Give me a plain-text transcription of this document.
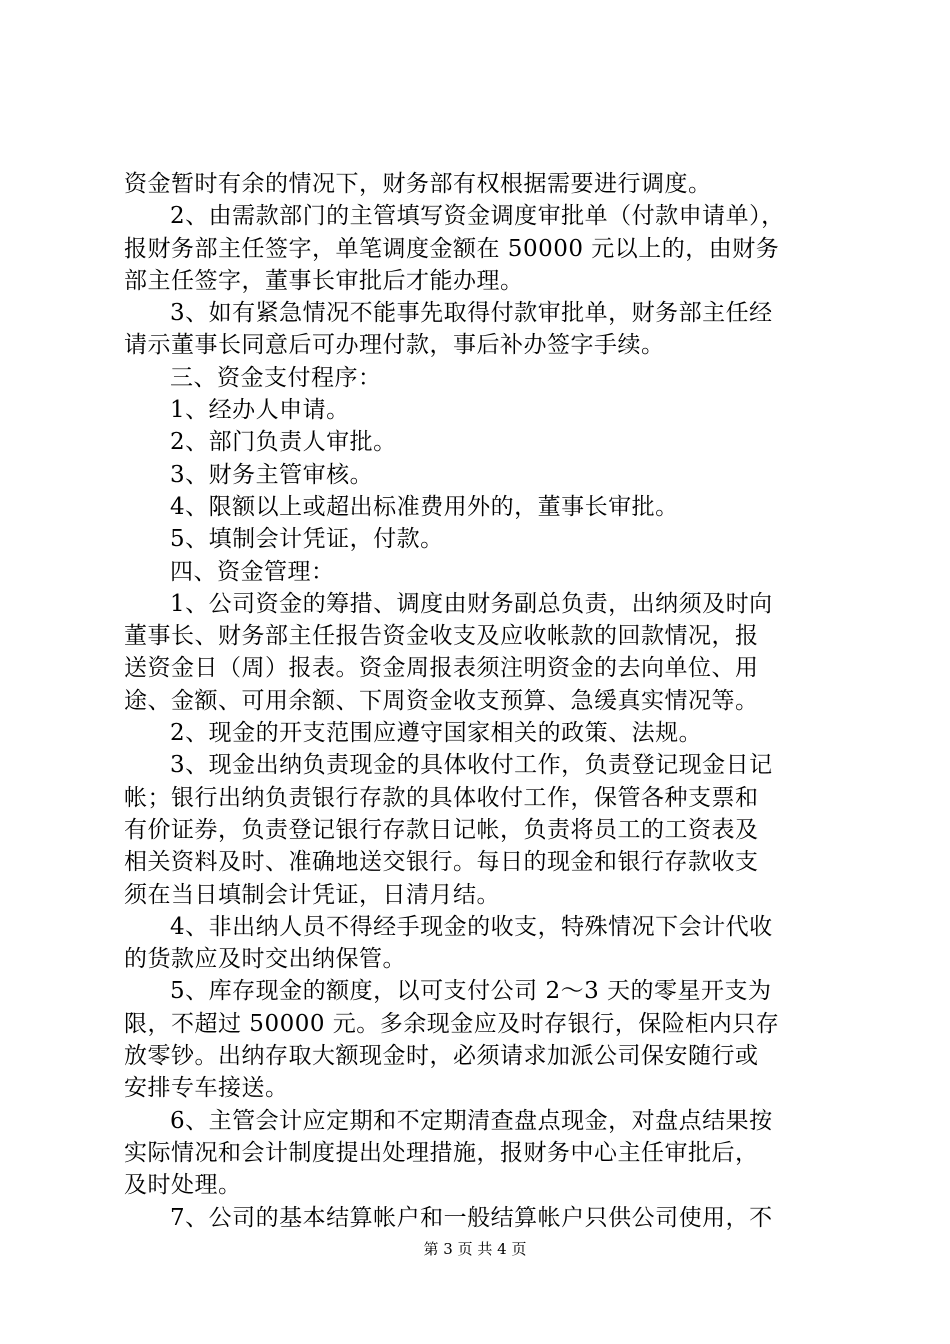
资金暂时有余的情况下，财务部有权根据需要进行调度。
2、由需款部门的主管填写资金调度审批单（付款申请单），
报财务部主任签字，单笔调度金额在 50000 元以上的，由财务
部主任签字，董事长审批后才能办理。
3、如有紧急情况不能事先取得付款审批单，财务部主任经
请示董事长同意后可办理付款，事后补办签字手续。
三、资金支付程序：
1、经办人申请。
2、部门负责人审批。
3、财务主管审核。
4、限额以上或超出标准费用外的，董事长审批。
5、填制会计凭证，付款。
四、资金管理：
1、公司资金的筹措、调度由财务副总负责，出纳须及时向
董事长、财务部主任报告资金收支及应收帐款的回款情况，报
送资金日（周）报表。资金周报表须注明资金的去向单位、用
途、金额、可用余额、下周资金收支预算、急缓真实情况等。
2、现金的开支范围应遵守国家相关的政策、法规。
3、现金出纳负责现金的具体收付工作，负责登记现金日记
帐；银行出纳负责银行存款的具体收付工作，保管各种支票和
有价证券，负责登记银行存款日记帐，负责将员工的工资表及
相关资料及时、准确地送交银行。每日的现金和银行存款收支
须在当日填制会计凭证，日清月结。
4、非出纳人员不得经手现金的收支，特殊情况下会计代收
的货款应及时交出纳保管。
5、库存现金的额度，以可支付公司 2～3 天的零星开支为
限，不超过 50000 元。多余现金应及时存银行，保险柜内只存
放零钞。出纳存取大额现金时，必须请求加派公司保安随行或
安排专车接送。
6、主管会计应定期和不定期清查盘点现金，对盘点结果按
实际情况和会计制度提出处理措施，报财务中心主任审批后，
及时处理。
7、公司的基本结算帐户和一般结算帐户只供公司使用，不
第 3 页 共 4 页
